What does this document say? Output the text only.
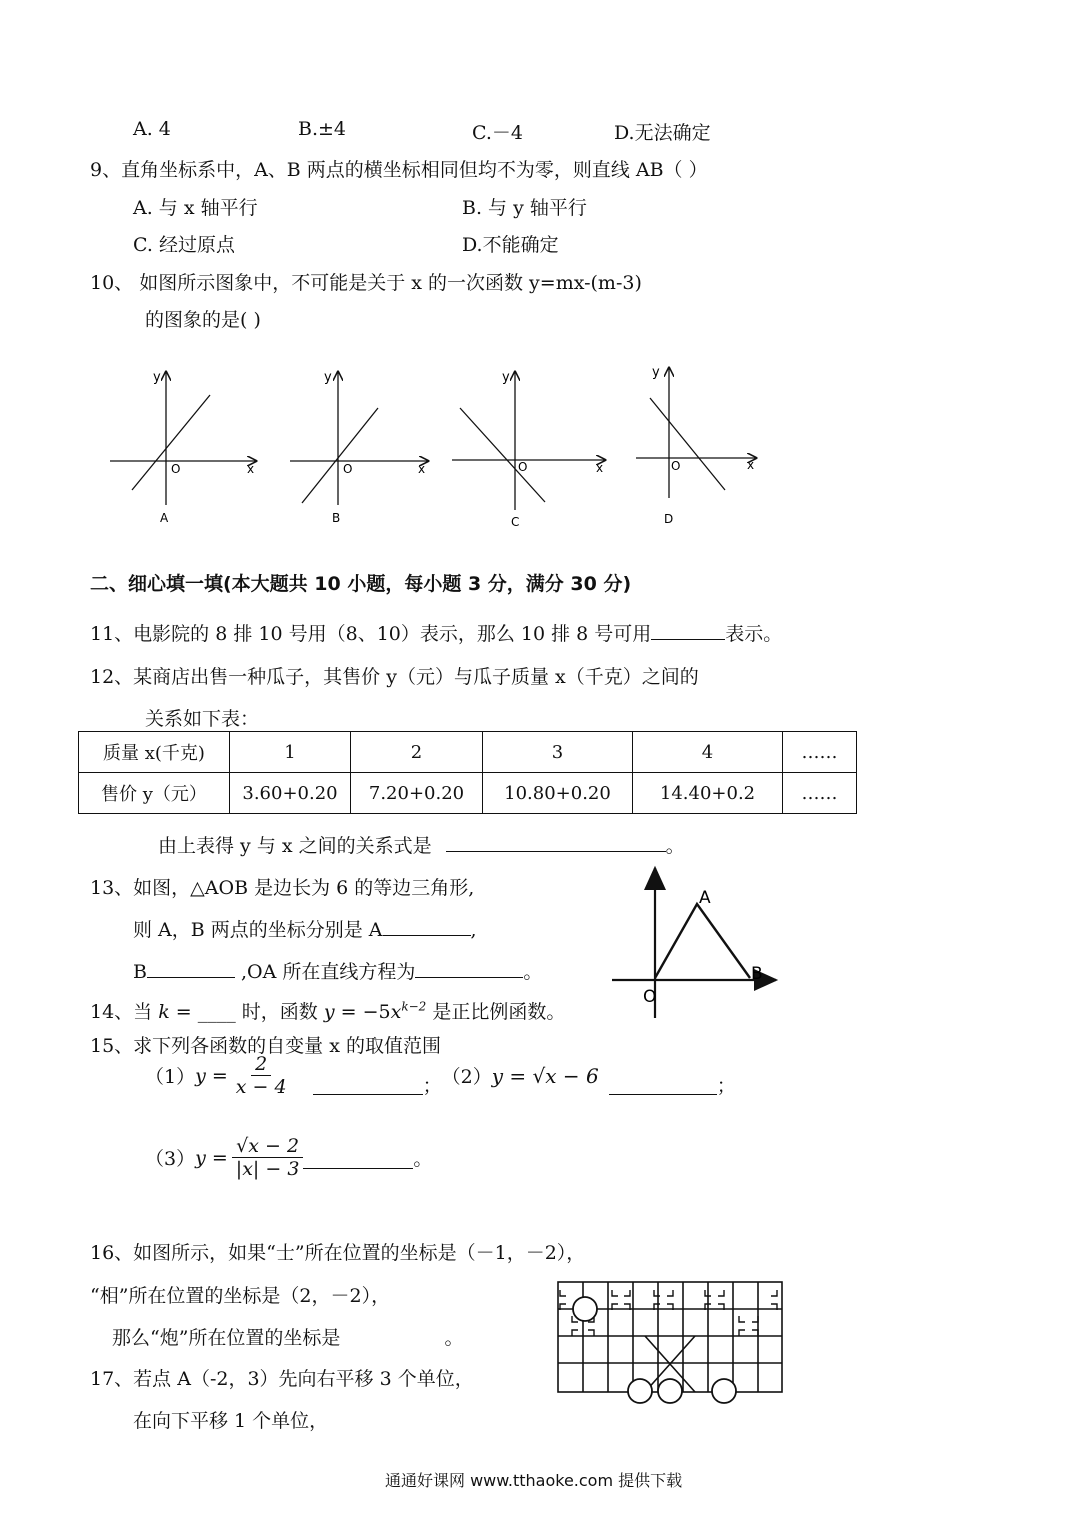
A. 4	B.±4	C.－4	D.无法确定
9、直角坐标系中，A、B 两点的横坐标相同但均不为零，则直线 AB（ ）
A. 与 x 轴平行	B. 与 y 轴平行
C. 经过原点	D.不能确定
10、 如图所示图象中，不可能是关于 x 的一次函数 y=mx-(m-3)
的图象的是( )
y
O	x
A
y
O	x
B
y
O	x
C
y
O	x
D
二、细心填一填(本大题共 10 小题，每小题 3 分，满分 30 分)
11、电影院的 8 排 10 号用（8、10）表示，那么 10 排 8 号可用	表示。
12、某商店出售一种瓜子，其售价 y（元）与瓜子质量 x（千克）之间的
关系如下表：
质量 x(千克)	1	2	3	4	……
售价 y（元）	3.60+0.20	7.20+0.20	10.80+0.20	14.40+0.2	……
由上表得 y 与 x 之间的关系式是	。
13、如图，△AOB 是边长为 6 的等边三角形,
则 A，B 两点的坐标分别是 A	,
B	,OA 所在直线方程为	。
A
B
O
14、当 k = ____ 时，函数 $y = -5x^{k-2}$ 是正比例函数。
15、求下列各函数的自变量 x 的取值范围
（1） $y = \frac{2}{x - 4}$	； （2） y = √x − 6	；
（3） $y = \frac{√x - 2}{|x| - 3}$	。
16、如图所示，如果“士”所在位置的坐标是（－1，－2），
“相”所在位置的坐标是（2，－2），
那么“炮”所在位置的坐标是	。
17、若点 A（-2，3）先向右平移 3 个单位，
在向下平移 1 个单位，
通通好课网 www.tthaoke.com 提供下载
